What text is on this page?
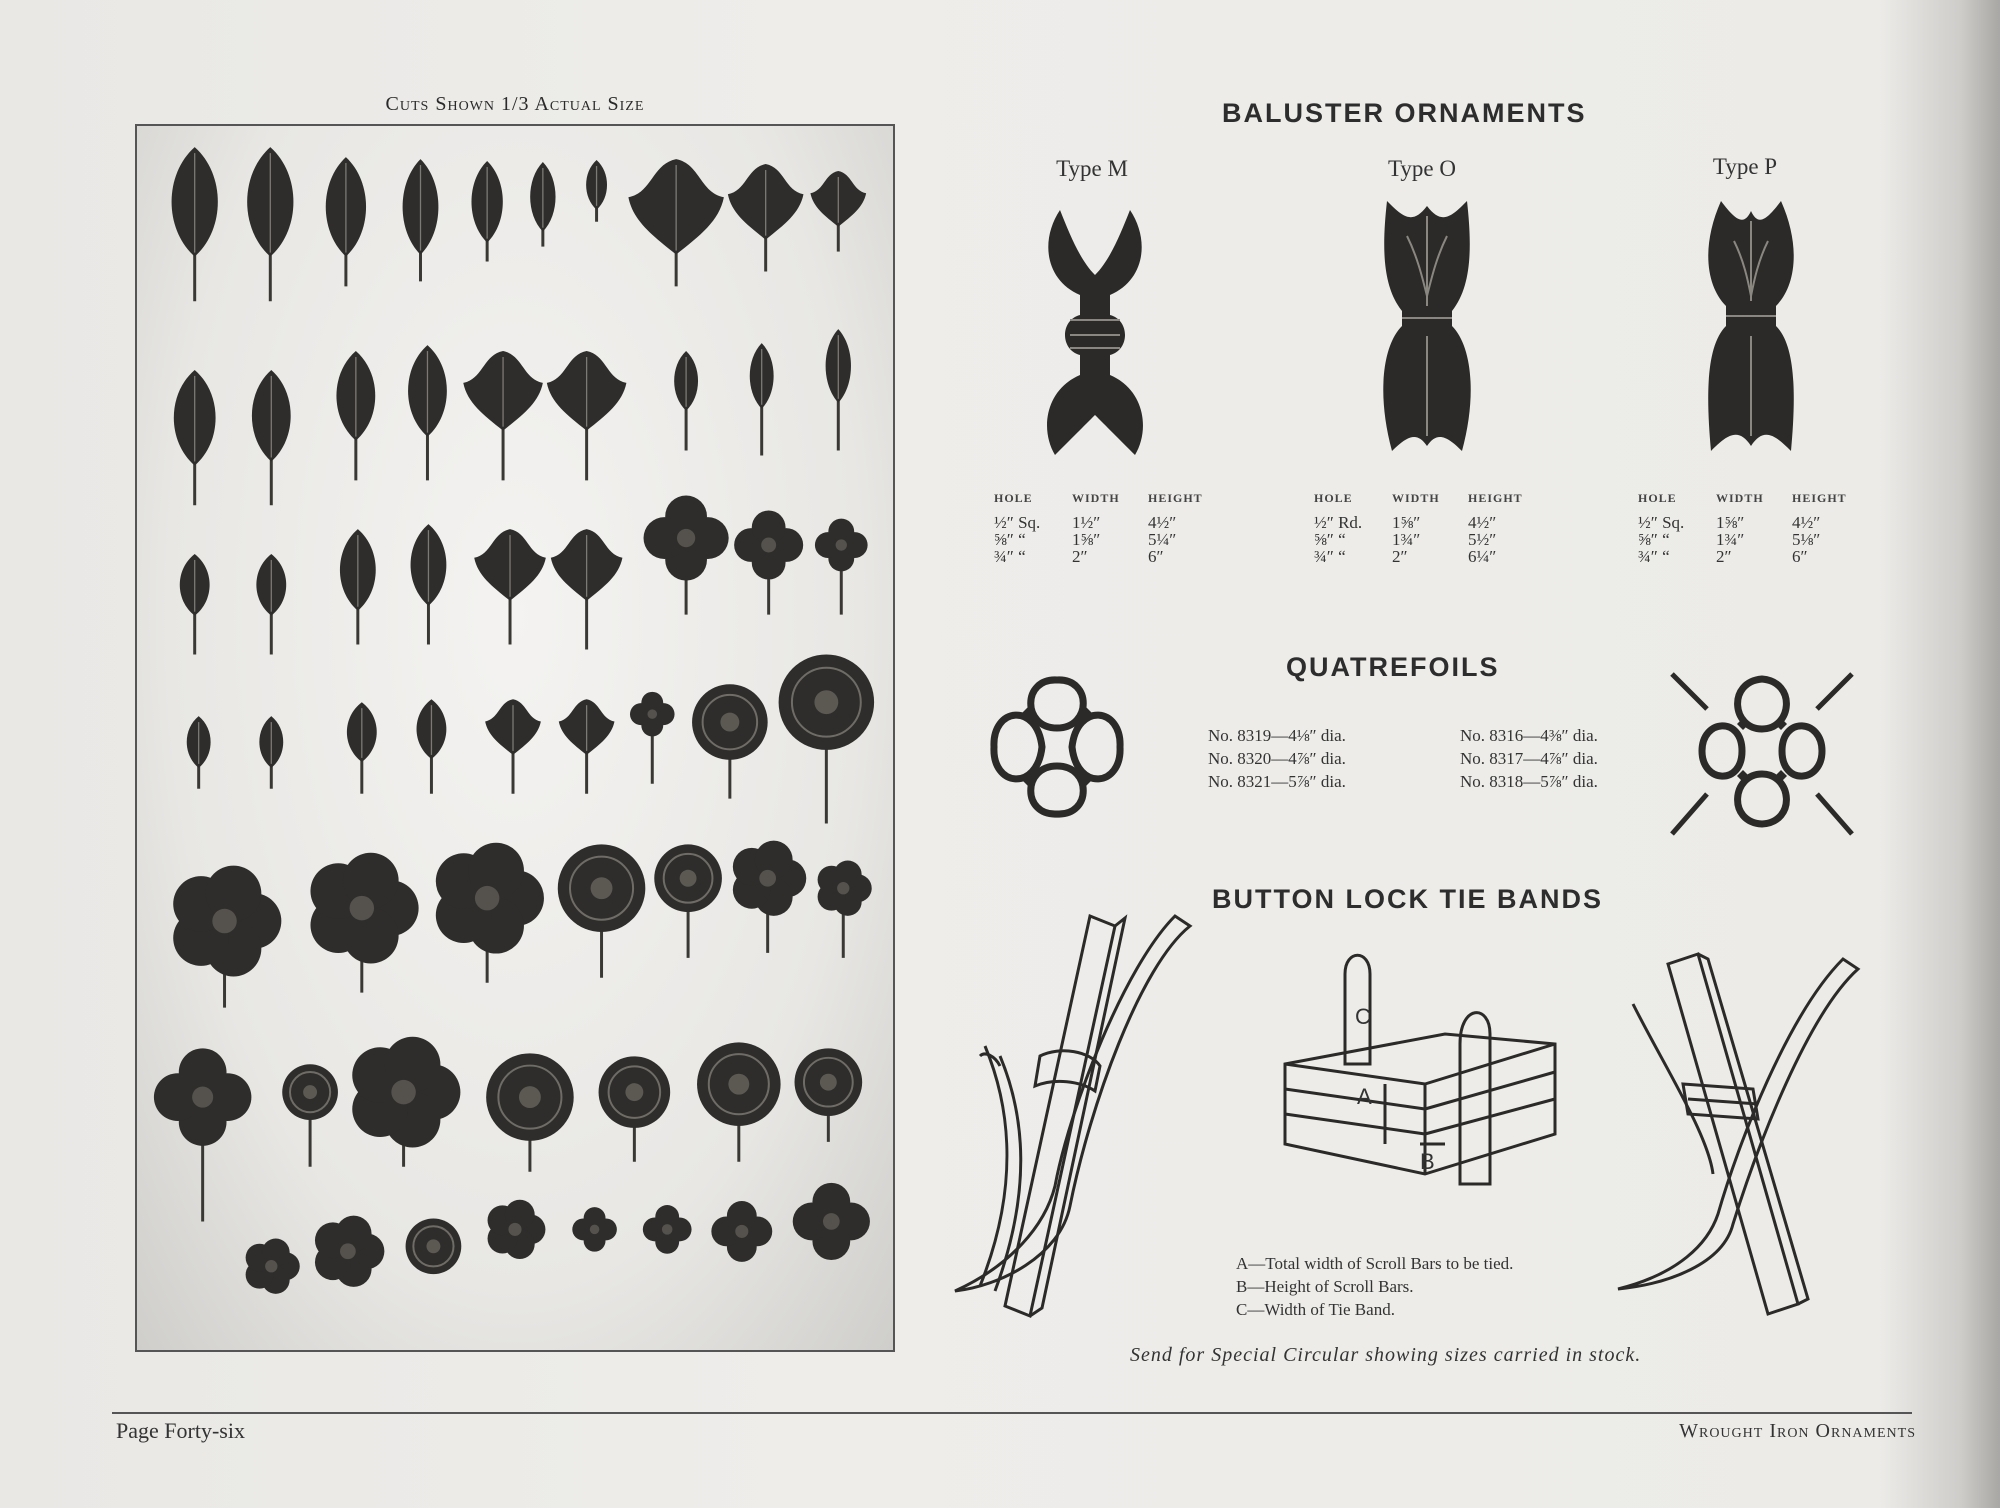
Cuts Shown 1/3 Actual Size	BALUSTER ORNAMENTS
Type M	Type O	Type P
HOLE	WIDTH	HEIGHT
½″ Sq.	1½″	4½″
⅝″ “	1⅝″	5¼″
¾″ “	2″	6″
HOLE	WIDTH	HEIGHT
½″ Rd.	1⅝″	4½″
⅝″ “	1¾″	5½″
¾″ “	2″	6¼″
HOLE	WIDTH	HEIGHT
½″ Sq.	1⅝″	4½″
⅝″ “	1¾″	5⅛″
¾″ “	2″	6″
QUATREFOILS
No. 8319—4⅛″ dia.
No. 8320—4⅞″ dia.
No. 8321—5⅞″ dia.
No. 8316—4⅜″ dia.
No. 8317—4⅞″ dia.
No. 8318—5⅞″ dia.
BUTTON LOCK TIE BANDS
C
A
B
A—Total width of Scroll Bars to be tied.
B—Height of Scroll Bars.
C—Width of Tie Band.
Send for Special Circular showing sizes carried in stock.
Page Forty-six	Wrought Iron Ornaments
